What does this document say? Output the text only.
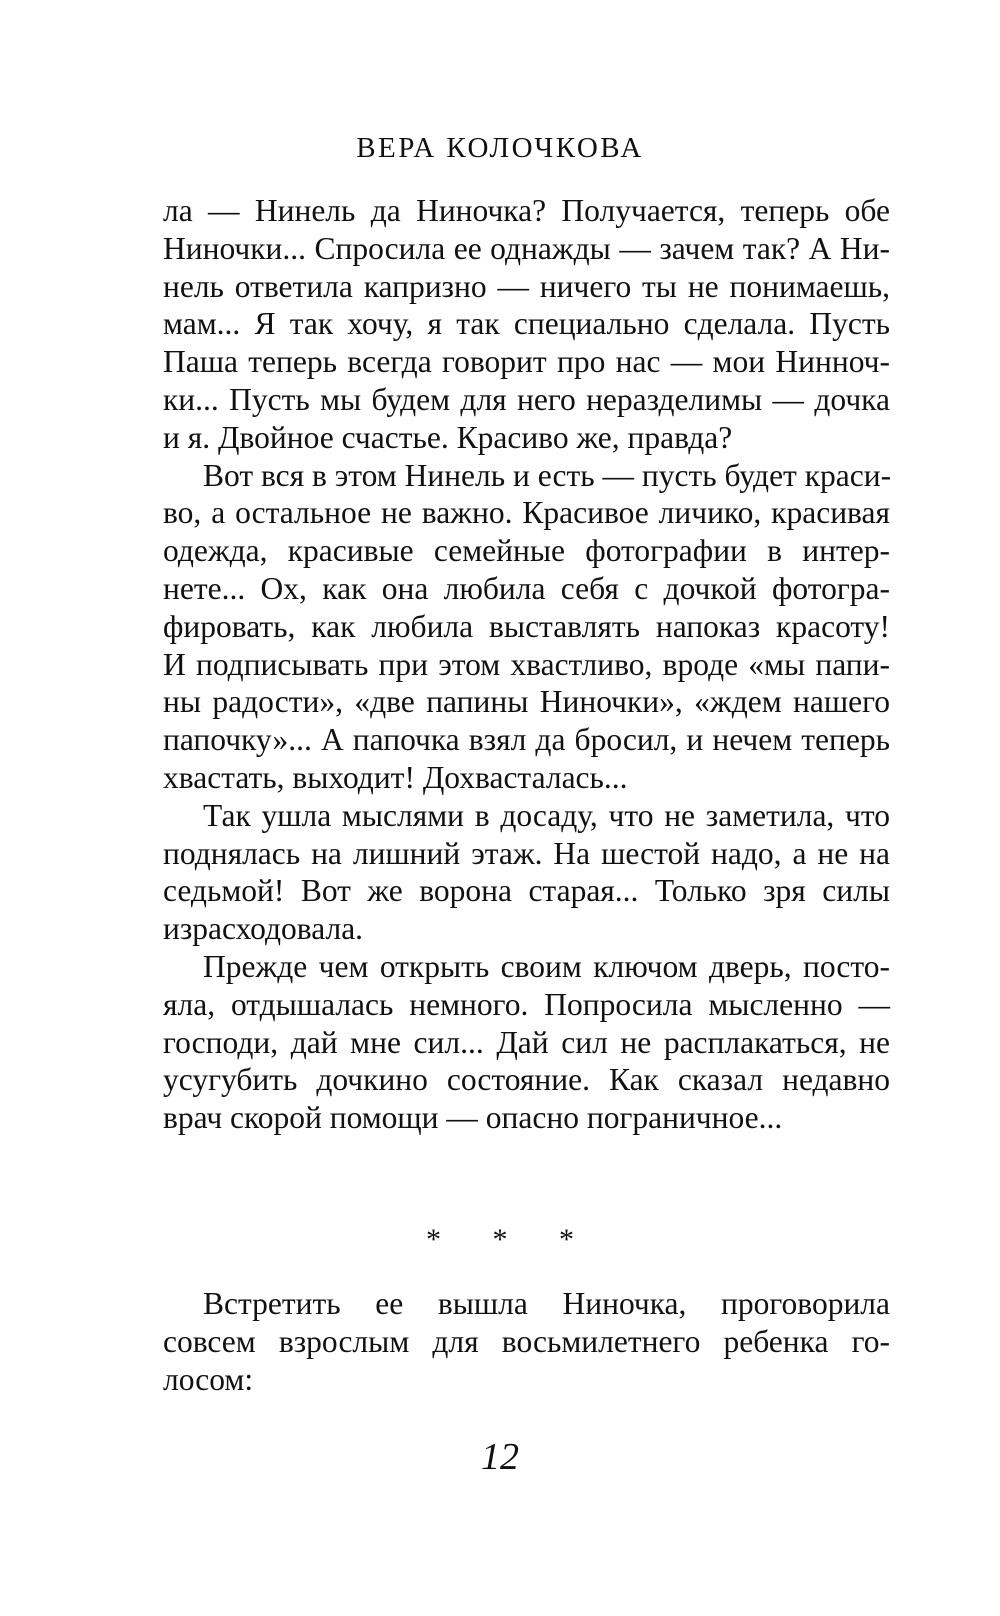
ВЕРА КОЛОЧКОВА
ла — Нинель да Ниночка? Получается, теперь обе
Ниночки... Спросила ее однажды — зачем так? А Ни-
нель ответила капризно — ничего ты не понимаешь,
мам... Я так хочу, я так специально сделала. Пусть
Паша теперь всегда говорит про нас — мои Нинноч-
ки... Пусть мы будем для него неразделимы — дочка
и я. Двойное счастье. Красиво же, правда?
Вот вся в этом Нинель и есть — пусть будет краси-
во, а остальное не важно. Красивое личико, красивая
одежда, красивые семейные фотографии в интер-
нете... Ох, как она любила себя с дочкой фотогра-
фировать, как любила выставлять напоказ красоту!
И подписывать при этом хвастливо, вроде «мы папи-
ны радости», «две папины Ниночки», «ждем нашего
папочку»... А папочка взял да бросил, и нечем теперь
хвастать, выходит! Дохвасталась...
Так ушла мыслями в досаду, что не заметила, что
поднялась на лишний этаж. На шестой надо, а не на
седьмой! Вот же ворона старая... Только зря силы
израсходовала.
Прежде чем открыть своим ключом дверь, посто-
яла, отдышалась немного. Попросила мысленно —
господи, дай мне сил... Дай сил не расплакаться, не
усугубить дочкино состояние. Как сказал недавно
врач скорой помощи — опасно пограничное...
* * *
Встретить ее вышла Ниночка, проговорила
совсем взрослым для восьмилетнего ребенка го-
лосом:
12
